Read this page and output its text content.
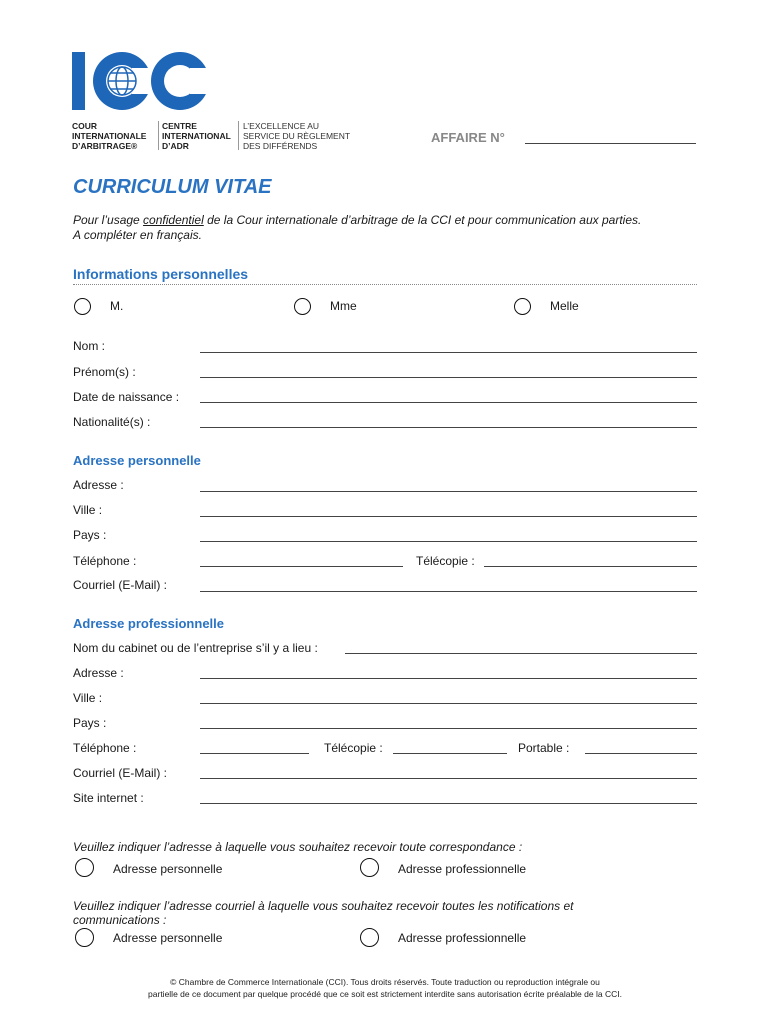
COUR
INTERNATIONALE
D’ARBITRAGE®
CENTRE
INTERNATIONAL
D’ADR
L’EXCELLENCE AU
SERVICE DU RÈGLEMENT
DES DIFFÉRENDS
AFFAIRE N°
CURRICULUM VITAE
Pour l’usage confidentiel de la Cour internationale d’arbitrage de la CCI et pour communication aux parties.
A compléter en français.
Informations personnelles
M.	Mme	Melle
Nom :
Prénom(s) :
Date de naissance :
Nationalité(s) :
Adresse personnelle
Adresse :
Ville :
Pays :
Téléphone :	Télécopie :
Courriel (E-Mail) :
Adresse professionnelle
Nom du cabinet ou de l’entreprise s’il y a lieu :
Adresse :
Ville :
Pays :
Téléphone :	Télécopie :	Portable :
Courriel (E-Mail) :
Site internet :
Veuillez indiquer l’adresse à laquelle vous souhaitez recevoir toute correspondance :
Adresse personnelle	Adresse professionnelle
Veuillez indiquer l’adresse courriel à laquelle vous souhaitez recevoir toutes les notifications et
communications :
Adresse personnelle	Adresse professionnelle
© Chambre de Commerce Internationale (CCI). Tous droits réservés. Toute traduction ou reproduction intégrale ou
partielle de ce document par quelque procédé que ce soit est strictement interdite sans autorisation écrite préalable de la CCI.
